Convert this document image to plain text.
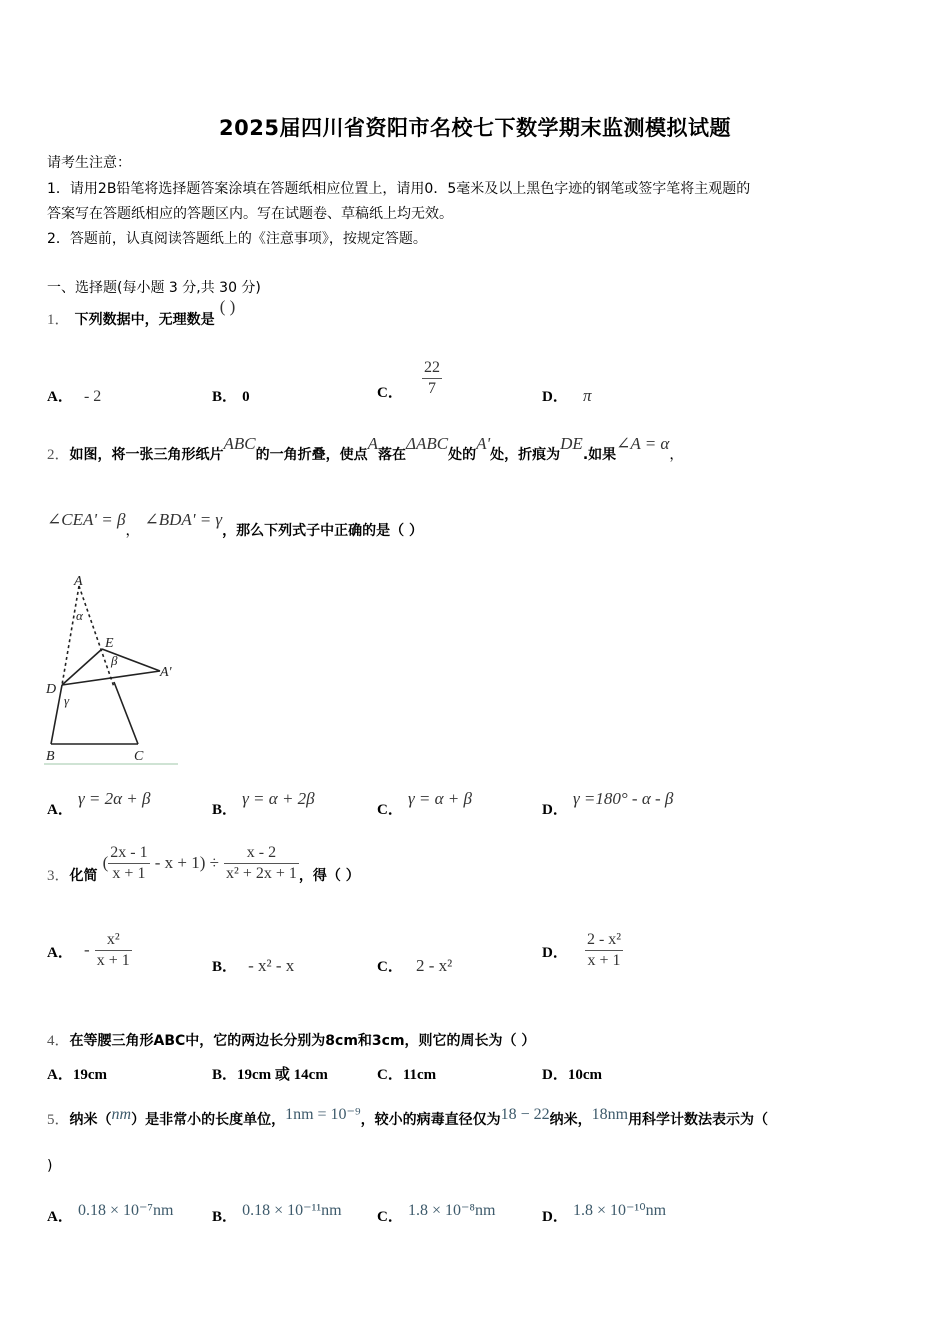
2025届四川省资阳市名校七下数学期末监测模拟试题
请考生注意：
1．请用2B铅笔将选择题答案涂填在答题纸相应位置上，请用0．5毫米及以上黑色字迹的钢笔或签字笔将主观题的
答案写在答题纸相应的答题区内。写在试题卷、草稿纸上均无效。
2．答题前，认真阅读答题纸上的《注意事项》，按规定答题。
一、选择题(每小题 3 分,共 30 分)
1． 下列数据中，无理数是 ( )
A． - 2	B． 0	C． $\frac{22}{7}$	D． π
2．如图，将一张三角形纸片ABC的一角折叠，使点A落在ΔABC处的A'处，折痕为DE.如果∠A = α，
∠CEA' = β， ∠BDA' = γ，那么下列式子中正确的是（ ）
A
α
E
β
A'
D
γ
B	C
A． γ = 2α + β
B． γ = α + 2β
C． γ = α + β
D． γ =180° - α - β
3．化简 ( $\frac{2x - 1}{x + 1} - x + 1) \div \frac{x - 2}{\text{x² + 2x + 1}}$ ，得（ ）
A． - $\frac{\text{x²}}{x + 1}$	B． - x² - x	C． 2 - x²
D． $\frac{\text{2 - x²}}{x + 1}$
4．在等腰三角形ABC中，它的两边长分别为8cm和3cm，则它的周长为（ ）
A．19cm	B．19cm 或 14cm	C．11cm	D．10cm
5．纳米（nm）是非常小的长度单位，1nm = 10⁻⁹，较小的病毒直径仅为18 − 22纳米，18nm用科学计数法表示为（
)
A． 0.18 × 10⁻⁷nm	B． 0.18 × 10⁻¹¹nm C． 1.8 × 10⁻⁸nm	D． 1.8 × 10⁻¹⁰nm
